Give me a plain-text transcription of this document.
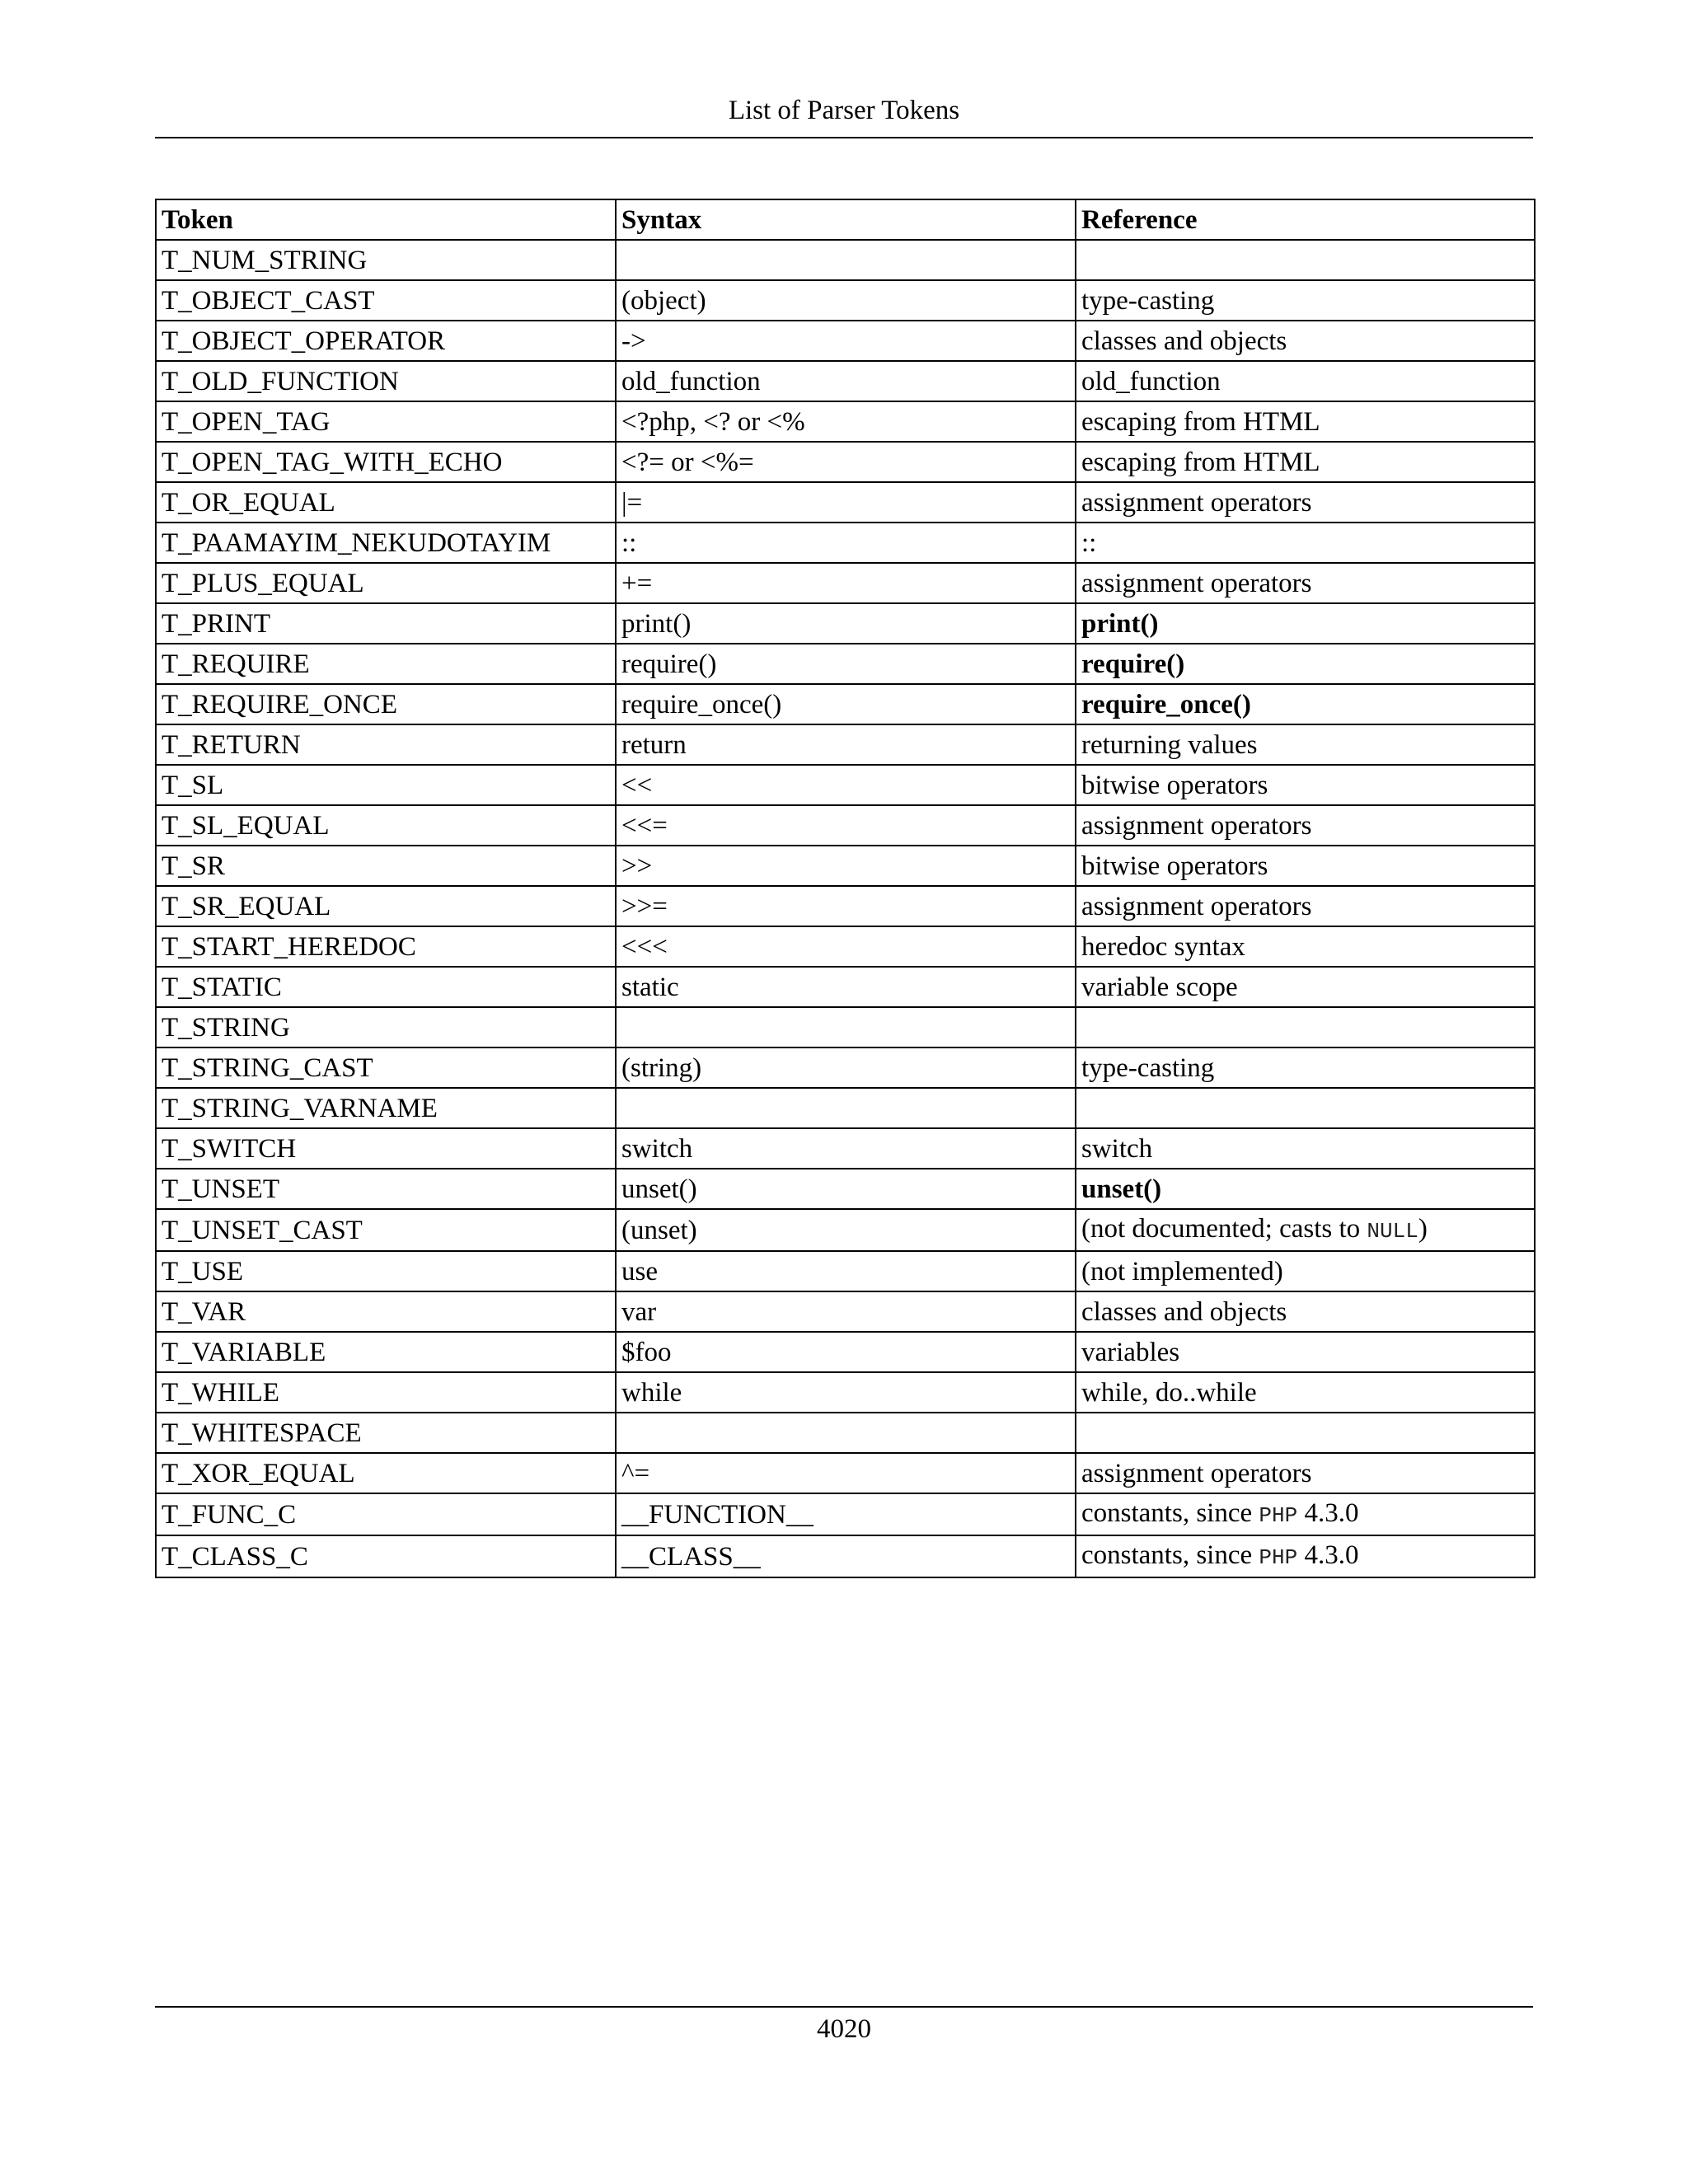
List of Parser Tokens
Token	Syntax	Reference
T_NUM_STRING		
T_OBJECT_CAST	(object)	type-casting
T_OBJECT_OPERATOR	->	classes and objects
T_OLD_FUNCTION	old_function	old_function
T_OPEN_TAG	<?php, <? or <%	escaping from HTML
T_OPEN_TAG_WITH_ECHO	<?= or <%=	escaping from HTML
T_OR_EQUAL	|=	assignment operators
T_PAAMAYIM_NEKUDOTAYIM	::	::
T_PLUS_EQUAL	+=	assignment operators
T_PRINT	print()	print()
T_REQUIRE	require()	require()
T_REQUIRE_ONCE	require_once()	require_once()
T_RETURN	return	returning values
T_SL	<<	bitwise operators
T_SL_EQUAL	<<=	assignment operators
T_SR	>>	bitwise operators
T_SR_EQUAL	>>=	assignment operators
T_START_HEREDOC	<<<	heredoc syntax
T_STATIC	static	variable scope
T_STRING		
T_STRING_CAST	(string)	type-casting
T_STRING_VARNAME		
T_SWITCH	switch	switch
T_UNSET	unset()	unset()
T_UNSET_CAST	(unset)	(not documented; casts to NULL)
T_USE	use	(not implemented)
T_VAR	var	classes and objects
T_VARIABLE	$foo	variables
T_WHILE	while	while, do..while
T_WHITESPACE		
T_XOR_EQUAL	^=	assignment operators
T_FUNC_C	__FUNCTION__	constants, since PHP 4.3.0
T_CLASS_C	__CLASS__	constants, since PHP 4.3.0
4020
